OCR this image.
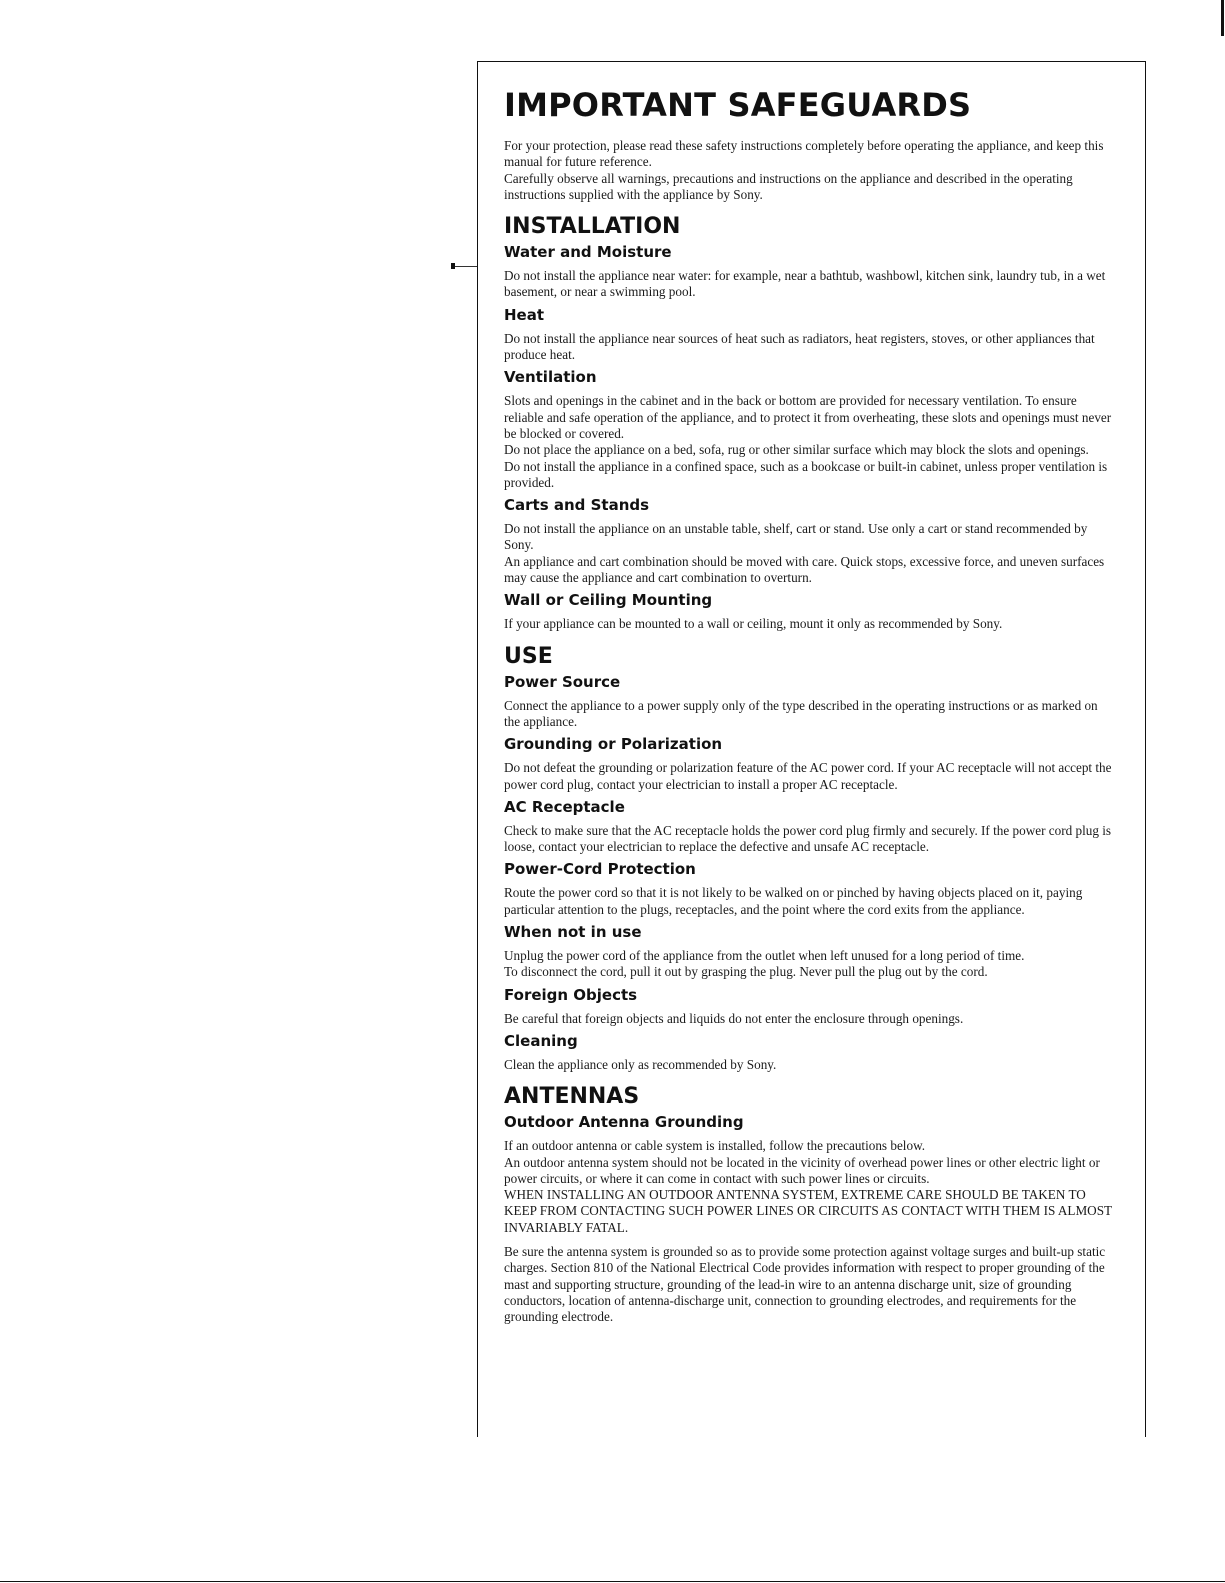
IMPORTANT SAFEGUARDS

For your protection, please read these safety instructions completely before operating the appliance, and keep this manual for future reference.

Carefully observe all warnings, precautions and instructions on the appliance and described in the operating instructions supplied with the appliance by Sony.

INSTALLATION
Water and Moisture

Do not install the appliance near water: for example, near a bathtub, washbowl, kitchen sink, laundry tub, in a wet basement, or near a swimming pool.

Heat

Do not install the appliance near sources of heat such as radiators, heat registers, stoves, or other appliances that produce heat.

Ventilation

Slots and openings in the cabinet and in the back or bottom are provided for necessary ventilation. To ensure reliable and safe operation of the appliance, and to protect it from overheating, these slots and openings must never be blocked or covered.

Do not place the appliance on a bed, sofa, rug or other similar surface which may block the slots and openings.

Do not install the appliance in a confined space, such as a bookcase or built-in cabinet, unless proper ventilation is provided.

Carts and Stands

Do not install the appliance on an unstable table, shelf, cart or stand. Use only a cart or stand recommended by Sony.

An appliance and cart combination should be moved with care. Quick stops, excessive force, and uneven surfaces may cause the appliance and cart combination to overturn.

Wall or Ceiling Mounting

If your appliance can be mounted to a wall or ceiling, mount it only as recommended by Sony.

USE
Power Source

Connect the appliance to a power supply only of the type described in the operating instructions or as marked on the appliance.

Grounding or Polarization

Do not defeat the grounding or polarization feature of the AC power cord. If your AC receptacle will not accept the power cord plug, contact your electrician to install a proper AC receptacle.

AC Receptacle

Check to make sure that the AC receptacle holds the power cord plug firmly and securely. If the power cord plug is loose, contact your electrician to replace the defective and unsafe AC receptacle.

Power-Cord Protection

Route the power cord so that it is not likely to be walked on or pinched by having objects placed on it, paying particular attention to the plugs, receptacles, and the point where the cord exits from the appliance.

When not in use

Unplug the power cord of the appliance from the outlet when left unused for a long period of time.

To disconnect the cord, pull it out by grasping the plug. Never pull the plug out by the cord.

Foreign Objects

Be careful that foreign objects and liquids do not enter the enclosure through openings.

Cleaning

Clean the appliance only as recommended by Sony.

ANTENNAS
Outdoor Antenna Grounding

If an outdoor antenna or cable system is installed, follow the precautions below.

An outdoor antenna system should not be located in the vicinity of overhead power lines or other electric light or power circuits, or where it can come in contact with such power lines or circuits.

WHEN INSTALLING AN OUTDOOR ANTENNA SYSTEM, EXTREME CARE SHOULD BE TAKEN TO KEEP FROM CONTACTING SUCH POWER LINES OR CIRCUITS AS CONTACT WITH THEM IS ALMOST INVARIABLY FATAL.

Be sure the antenna system is grounded so as to provide some protection against voltage surges and built-up static charges. Section 810 of the National Electrical Code provides information with respect to proper grounding of the mast and supporting structure, grounding of the lead-in wire to an antenna discharge unit, size of grounding conductors, location of antenna-discharge unit, connection to grounding electrodes, and requirements for the grounding electrode.
